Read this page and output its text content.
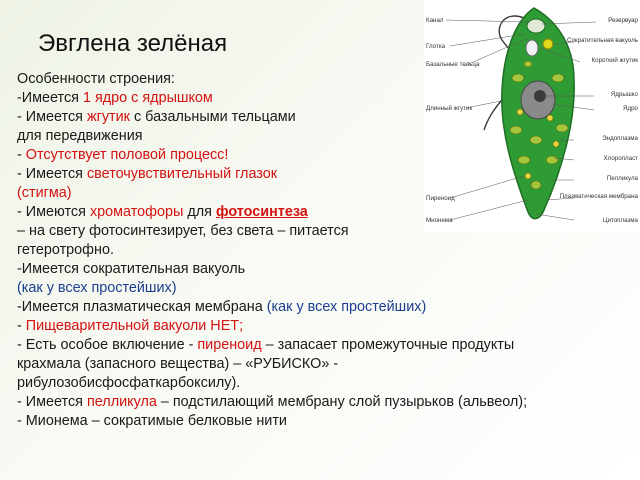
Эвглена зелёная
Особенности строения:
-Имеется 1 ядро с ядрышком
- Имеется жгутик с базальными тельцами
для передвижения
- Отсутствует половой процесс!
- Имеется светочувствительный глазок
(стигма)
- Имеются хроматофоры для фотосинтеза
– на свету фотосинтезирует, без света – питается
гетеротрофно.
-Имеется сократительная вакуоль
(как у всех простейших)
-Имеется плазматическая мембрана (как у всех простейших)
- Пищеварительной вакуоли НЕТ;
- Есть особое включение - пиреноид – запасает промежуточные продукты
крахмала (запасного вещества) – «РУБИСКО» -
рибулозобисфосфаткарбоксилу).
- Имеется пелликула – подстилающий мембрану слой пузырьков (альвеол);
- Мионема – сократимые белковые нити
Канал
Глотка
Базальные тельца
Длинный жгутик
Пиреноид
Мионема
Резервуар
Сократительная вакуоль
Короткий жгутик
Ядрышко
Ядро
Эндоплазма
Хлоропласт
Пелликула
Плазматическая мембрана
Цитоплазма
